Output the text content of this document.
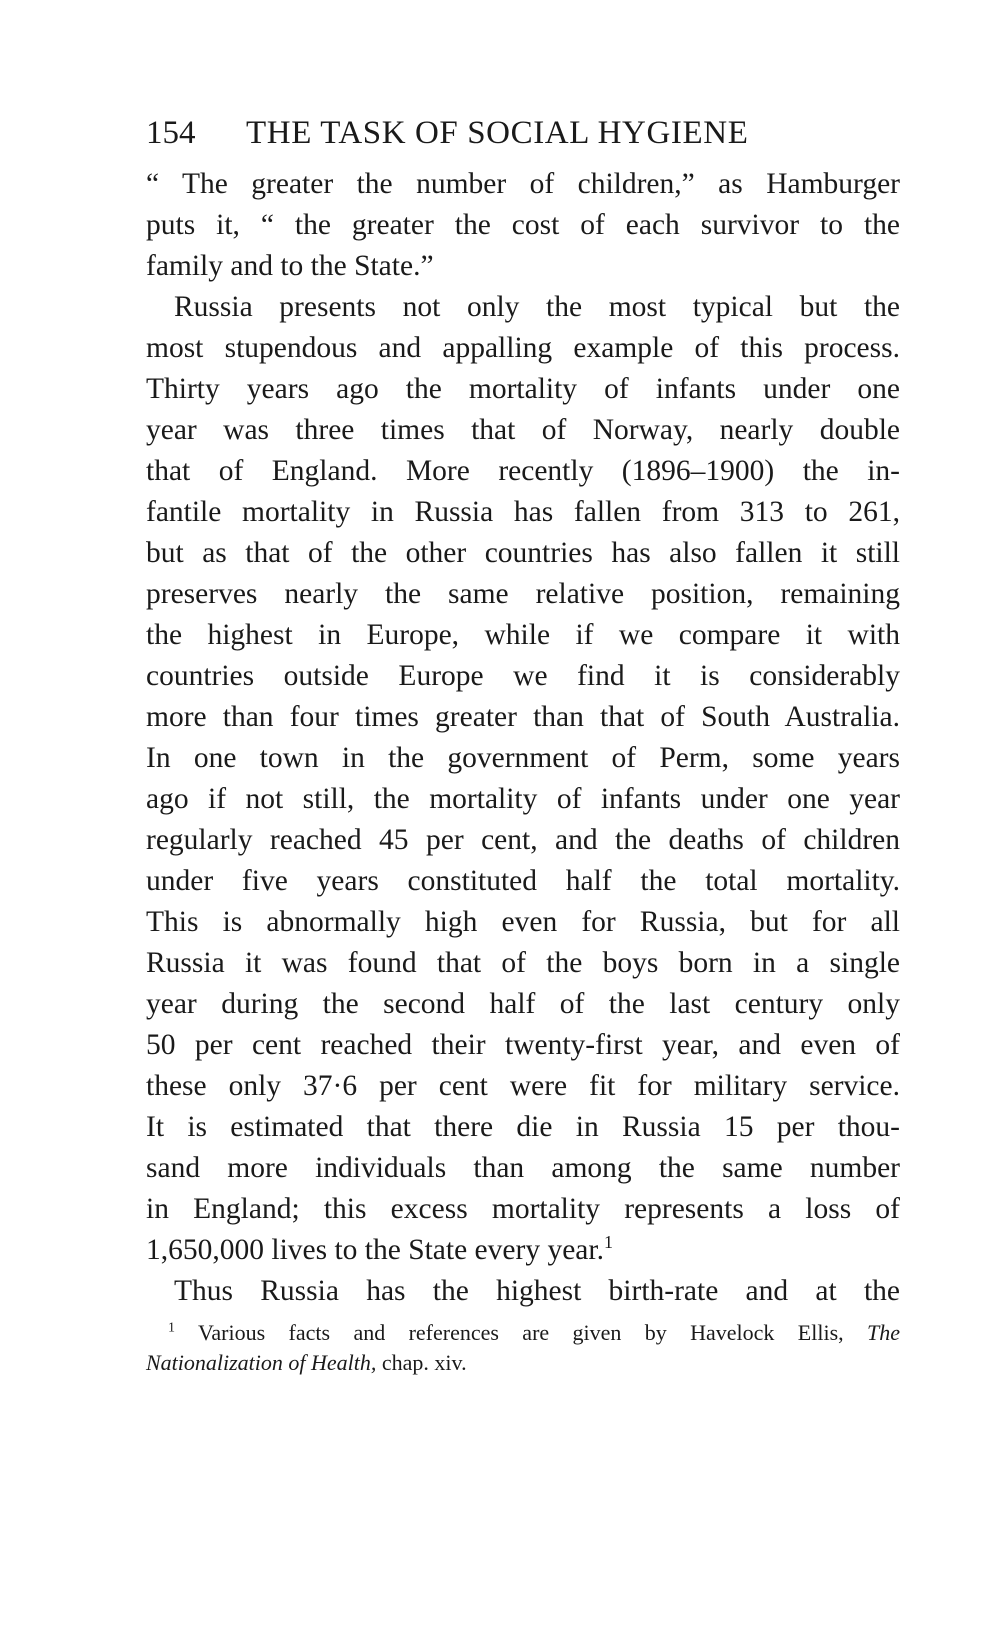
154 THE TASK OF SOCIAL HYGIENE
“ The greater the number of children,” as Hamburger
puts it, “ the greater the cost of each survivor to the
family and to the State.”
Russia presents not only the most typical but the
most stupendous and appalling example of this process.
Thirty years ago the mortality of infants under one
year was three times that of Norway, nearly double
that of England. More recently (1896–1900) the in-
fantile mortality in Russia has fallen from 313 to 261,
but as that of the other countries has also fallen it still
preserves nearly the same relative position, remaining
the highest in Europe, while if we compare it with
countries outside Europe we find it is considerably
more than four times greater than that of South Australia.
In one town in the government of Perm, some years
ago if not still, the mortality of infants under one year
regularly reached 45 per cent, and the deaths of children
under five years constituted half the total mortality.
This is abnormally high even for Russia, but for all
Russia it was found that of the boys born in a single
year during the second half of the last century only
50 per cent reached their twenty-first year, and even of
these only 37·6 per cent were fit for military service.
It is estimated that there die in Russia 15 per thou-
sand more individuals than among the same number
in England; this excess mortality represents a loss of
1,650,000 lives to the State every year.$^1$
Thus Russia has the highest birth-rate and at the
$^1$ Various facts and references are given by Havelock Ellis, The
Nationalization of Health, chap. xiv.
